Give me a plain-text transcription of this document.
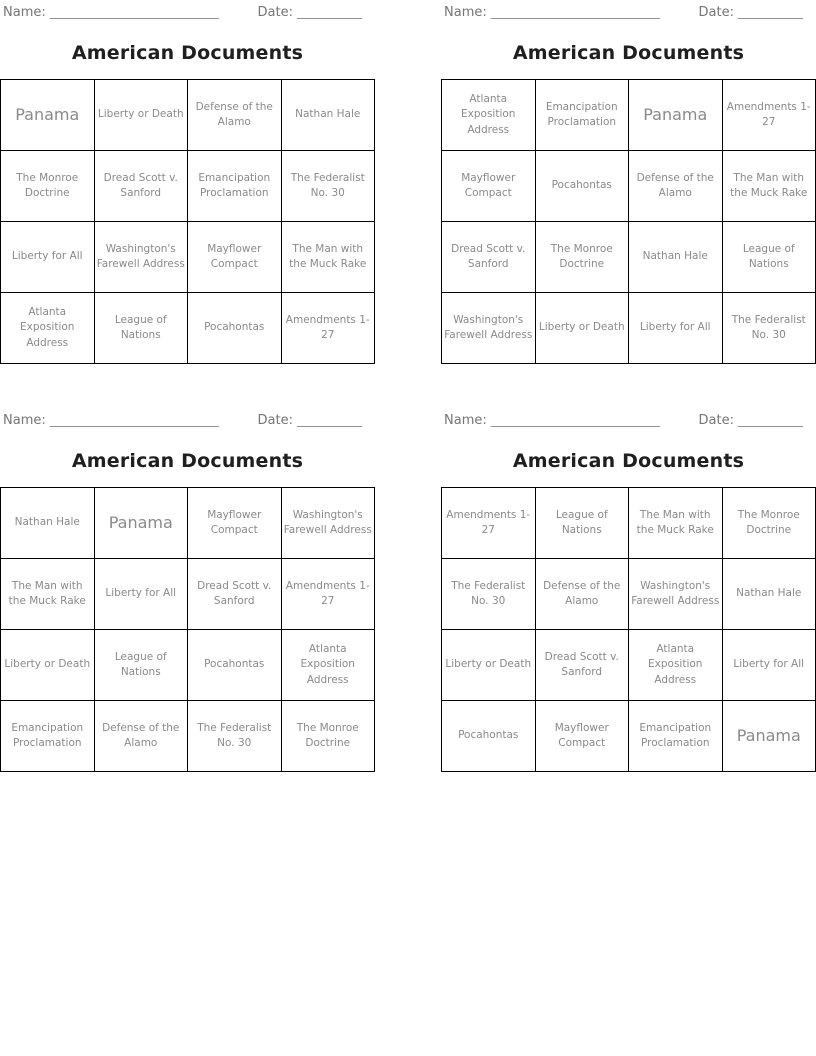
Name: __________________________	Date: __________
American Documents
Panama	Liberty or Death	Defense of the Alamo	Nathan Hale
The Monroe Doctrine	Dread Scott v. Sanford	Emancipation Proclamation	The Federalist No. 30
Liberty for All	Washington's Farewell Address	Mayflower Compact	The Man with the Muck Rake
Atlanta Exposition Address	League of Nations	Pocahontas	Amendments 1-27
Name: __________________________	Date: __________
American Documents
Atlanta Exposition Address	Emancipation Proclamation	Panama	Amendments 1-27
Mayflower Compact	Pocahontas	Defense of the Alamo	The Man with the Muck Rake
Dread Scott v. Sanford	The Monroe Doctrine	Nathan Hale	League of Nations
Washington's Farewell Address	Liberty or Death	Liberty for All	The Federalist No. 30
Name: __________________________	Date: __________
American Documents
Nathan Hale	Panama	Mayflower Compact	Washington's Farewell Address
The Man with the Muck Rake	Liberty for All	Dread Scott v. Sanford	Amendments 1-27
Liberty or Death	League of Nations	Pocahontas	Atlanta Exposition Address
Emancipation Proclamation	Defense of the Alamo	The Federalist No. 30	The Monroe Doctrine
Name: __________________________	Date: __________
American Documents
Amendments 1-27	League of Nations	The Man with the Muck Rake	The Monroe Doctrine
The Federalist No. 30	Defense of the Alamo	Washington's Farewell Address	Nathan Hale
Liberty or Death	Dread Scott v. Sanford	Atlanta Exposition Address	Liberty for All
Pocahontas	Mayflower Compact	Emancipation Proclamation	Panama
